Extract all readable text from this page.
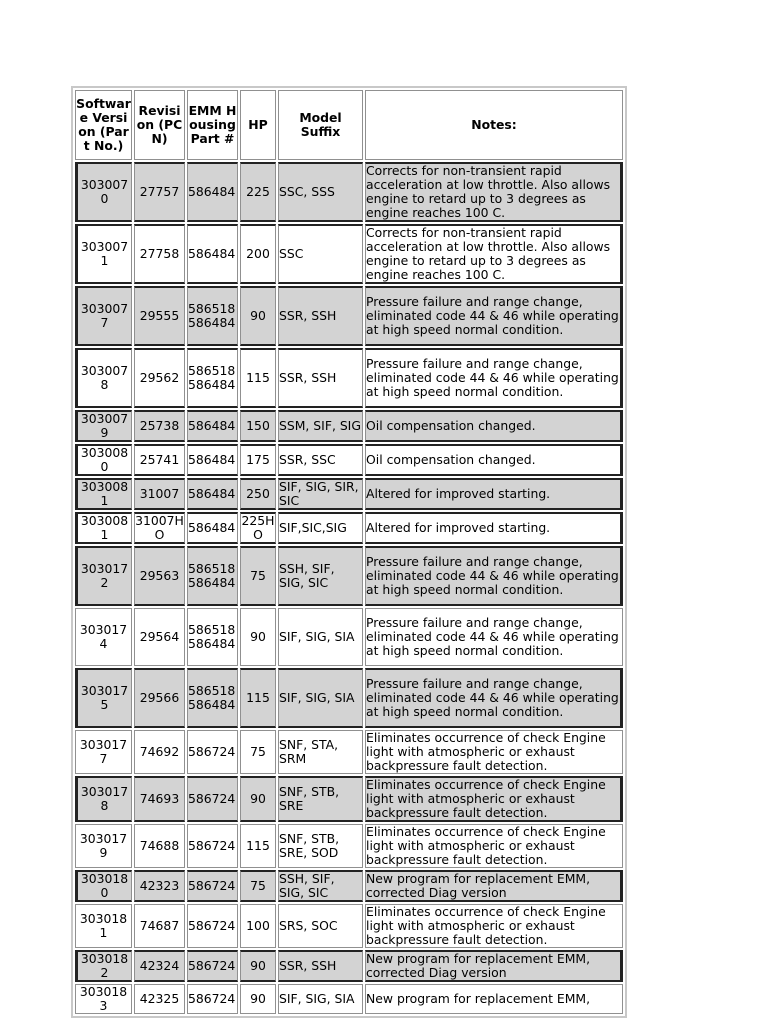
Software Version (Part No.)	Revision (PCN)	EMM Housing Part #	HP	Model Suffix	Notes:
3030070	27757	586484	225	SSC, SSS	Corrects for non-transient rapid acceleration at low throttle. Also allows engine to retard up to 3 degrees as engine reaches 100 C.
3030071	27758	586484	200	SSC	Corrects for non-transient rapid acceleration at low throttle. Also allows engine to retard up to 3 degrees as engine reaches 100 C.
3030077	29555	586518 586484	90	SSR, SSH	Pressure failure and range change, eliminated code 44 & 46 while operating at high speed normal condition.
3030078	29562	586518 586484	115	SSR, SSH	Pressure failure and range change, eliminated code 44 & 46 while operating at high speed normal condition.
3030079	25738	586484	150	SSM, SIF, SIG	Oil compensation changed.
3030080	25741	586484	175	SSR, SSC	Oil compensation changed.
3030081	31007	586484	250	SIF, SIG, SIR, SIC	Altered for improved starting.
3030081	31007HO	586484	225HO	SIF,SIC,SIG	Altered for improved starting.
3030172	29563	586518 586484	75	SSH, SIF, SIG, SIC	Pressure failure and range change, eliminated code 44 & 46 while operating at high speed normal condition.
3030174	29564	586518 586484	90	SIF, SIG, SIA	Pressure failure and range change, eliminated code 44 & 46 while operating at high speed normal condition.
3030175	29566	586518 586484	115	SIF, SIG, SIA	Pressure failure and range change, eliminated code 44 & 46 while operating at high speed normal condition.
3030177	74692	586724	75	SNF, STA, SRM	Eliminates occurrence of check Engine light with atmospheric or exhaust backpressure fault detection.
3030178	74693	586724	90	SNF, STB, SRE	Eliminates occurrence of check Engine light with atmospheric or exhaust backpressure fault detection.
3030179	74688	586724	115	SNF, STB, SRE, SOD	Eliminates occurrence of check Engine light with atmospheric or exhaust backpressure fault detection.
3030180	42323	586724	75	SSH, SIF, SIG, SIC	New program for replacement EMM, corrected Diag version
3030181	74687	586724	100	SRS, SOC	Eliminates occurrence of check Engine light with atmospheric or exhaust backpressure fault detection.
3030182	42324	586724	90	SSR, SSH	New program for replacement EMM, corrected Diag version
3030183	42325	586724	90	SIF, SIG, SIA	New program for replacement EMM,
